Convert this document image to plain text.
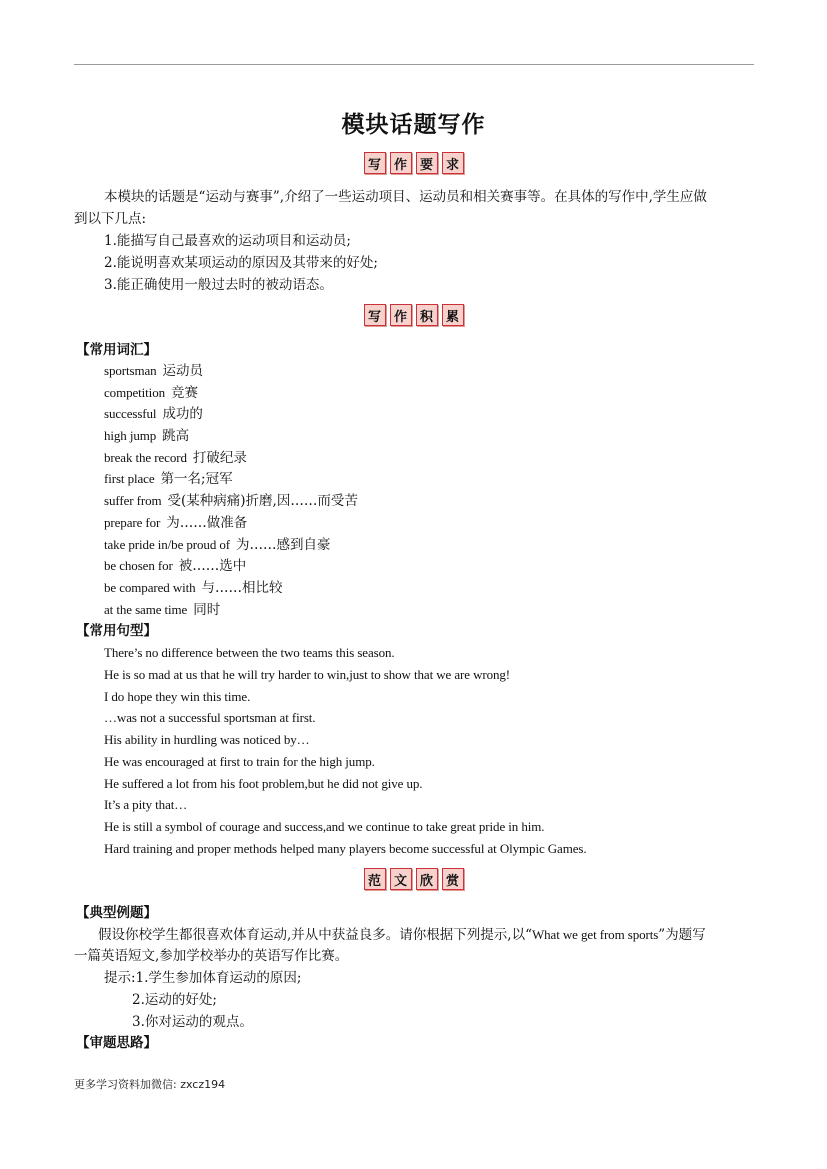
模块话题写作
写 作 要 求
本模块的话题是“运动与赛事”,介绍了一些运动项目、运动员和相关赛事等。在具体的写作中,学生应做
到以下几点:
1.能描写自己最喜欢的运动项目和运动员;
2.能说明喜欢某项运动的原因及其带来的好处;
3.能正确使用一般过去时的被动语态。
写 作 积 累
【常用词汇】
sportsman 运动员
competition 竞赛
successful 成功的
high jump 跳高
break the record 打破纪录
first place 第一名;冠军
suffer from 受(某种病痛)折磨,因……而受苦
prepare for 为……做准备
take pride in/be proud of 为……感到自豪
be chosen for 被……选中
be compared with 与……相比较
at the same time 同时
【常用句型】
There’s no difference between the two teams this season.
He is so mad at us that he will try harder to win,just to show that we are wrong!
I do hope they win this time.
…was not a successful sportsman at first.
His ability in hurdling was noticed by…
He was encouraged at first to train for the high jump.
He suffered a lot from his foot problem,but he did not give up.
It’s a pity that…
He is still a symbol of courage and success,and we continue to take great pride in him.
Hard training and proper methods helped many players become successful at Olympic Games.
范 文 欣 赏
【典型例题】
假设你校学生都很喜欢体育运动,并从中获益良多。请你根据下列提示,以“What we get from sports”为题写
一篇英语短文,参加学校举办的英语写作比赛。
提示:1.学生参加体育运动的原因;
2.运动的好处;
3.你对运动的观点。
【审题思路】
更多学习资料加微信: zxcz194
